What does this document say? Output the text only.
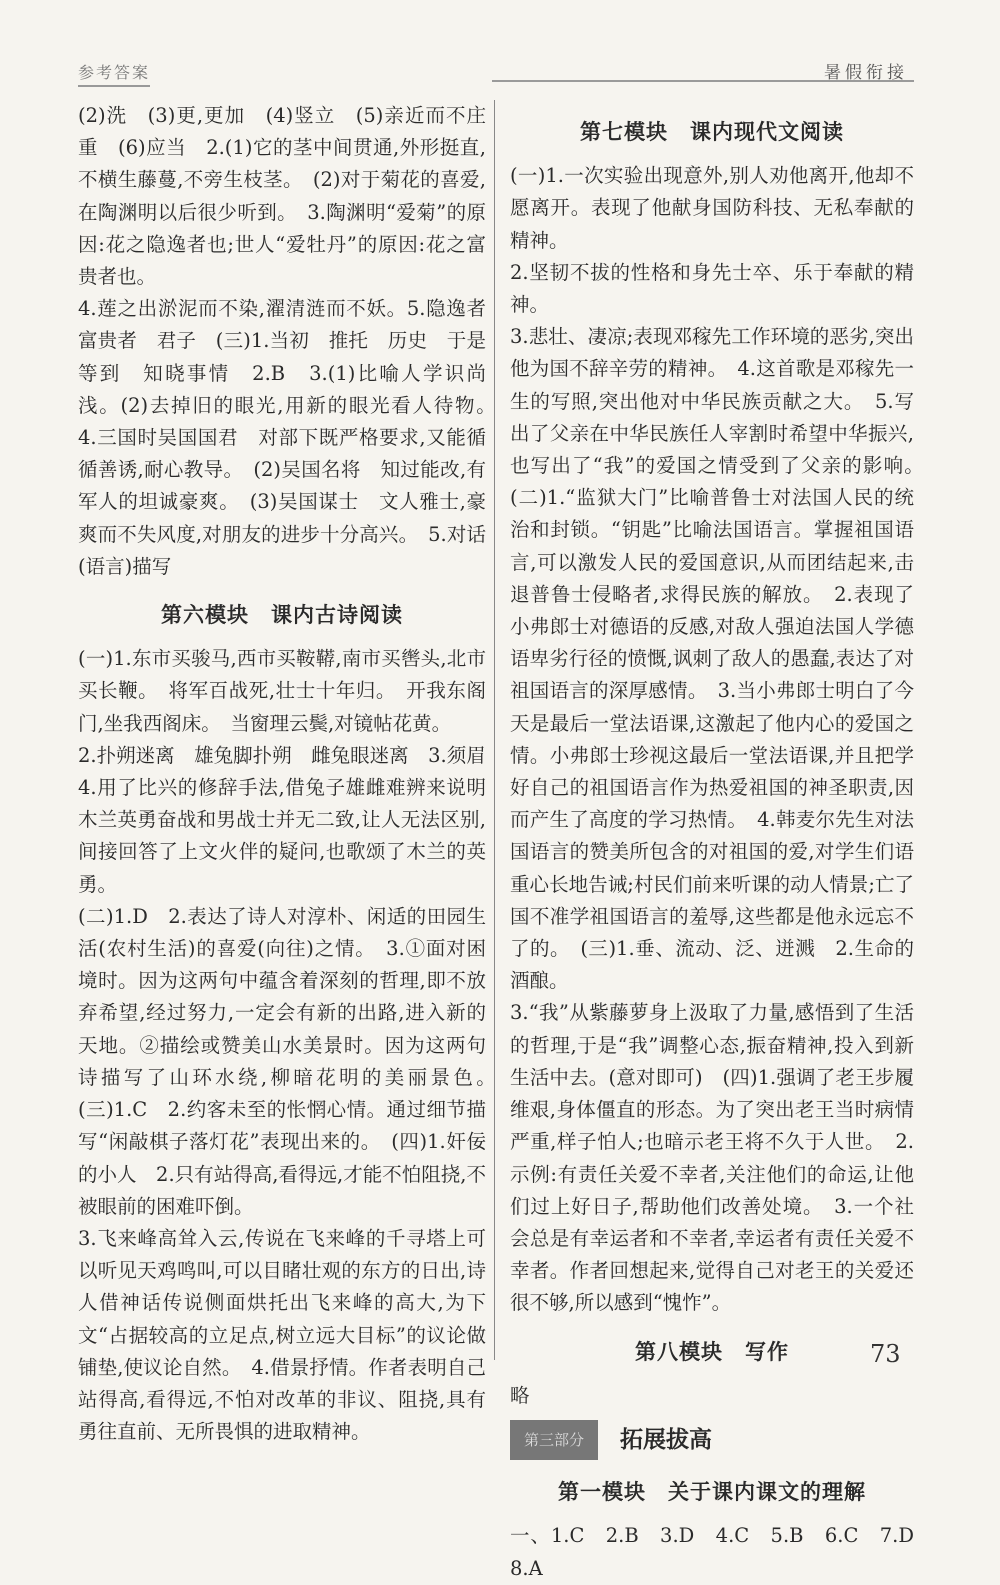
参考答案	暑假衔接

(2)洗　(3)更,更加　(4)竖立　(5)亲近而不庄重　(6)应当　2.(1)它的茎中间贯通,外形挺直,不横生藤蔓,不旁生枝茎。　(2)对于菊花的喜爱,在陶渊明以后很少听到。　3.陶渊明“爱菊”的原因:花之隐逸者也;世人“爱牡丹”的原因:花之富贵者也。

4.莲之出淤泥而不染,濯清涟而不妖。5.隐逸者　富贵者　君子　(三)1.当初　推托　历史　于是　等到　知晓事情　2.B　3.(1)比喻人学识尚浅。(2)去掉旧的眼光,用新的眼光看人待物。　4.三国时吴国国君　对部下既严格要求,又能循循善诱,耐心教导。　(2)吴国名将　知过能改,有军人的坦诚豪爽。　(3)吴国谋士　文人雅士,豪爽而不失风度,对朋友的进步十分高兴。　5.对话(语言)描写

第六模块　课内古诗阅读

(一)1.东市买骏马,西市买鞍鞯,南市买辔头,北市买长鞭。　将军百战死,壮士十年归。　开我东阁门,坐我西阁床。　当窗理云鬓,对镜帖花黄。

2.扑朔迷离　雄兔脚扑朔　雌兔眼迷离　3.须眉

4.用了比兴的修辞手法,借兔子雄雌难辨来说明木兰英勇奋战和男战士并无二致,让人无法区别,间接回答了上文火伴的疑问,也歌颂了木兰的英勇。

(二)1.D　2.表达了诗人对淳朴、闲适的田园生活(农村生活)的喜爱(向往)之情。　3.①面对困境时。因为这两句中蕴含着深刻的哲理,即不放弃希望,经过努力,一定会有新的出路,进入新的天地。②描绘或赞美山水美景时。因为这两句诗描写了山环水绕,柳暗花明的美丽景色。　(三)1.C　2.约客未至的怅惘心情。通过细节描写“闲敲棋子落灯花”表现出来的。　(四)1.奸佞的小人　2.只有站得高,看得远,才能不怕阻挠,不被眼前的困难吓倒。

3.飞来峰高耸入云,传说在飞来峰的千寻塔上可以听见天鸡鸣叫,可以目睹壮观的东方的日出,诗人借神话传说侧面烘托出飞来峰的高大,为下文“占据较高的立足点,树立远大目标”的议论做铺垫,使议论自然。　4.借景抒情。作者表明自己站得高,看得远,不怕对改革的非议、阻挠,具有勇往直前、无所畏惧的进取精神。

第七模块　课内现代文阅读

(一)1.一次实验出现意外,别人劝他离开,他却不愿离开。表现了他献身国防科技、无私奉献的精神。

2.坚韧不拔的性格和身先士卒、乐于奉献的精神。

3.悲壮、凄凉;表现邓稼先工作环境的恶劣,突出他为国不辞辛劳的精神。　4.这首歌是邓稼先一生的写照,突出他对中华民族贡献之大。　5.写出了父亲在中华民族任人宰割时希望中华振兴,也写出了“我”的爱国之情受到了父亲的影响。　(二)1.“监狱大门”比喻普鲁士对法国人民的统治和封锁。“钥匙”比喻法国语言。掌握祖国语言,可以激发人民的爱国意识,从而团结起来,击退普鲁士侵略者,求得民族的解放。　2.表现了小弗郎士对德语的反感,对敌人强迫法国人学德语卑劣行径的愤慨,讽刺了敌人的愚蠢,表达了对祖国语言的深厚感情。　3.当小弗郎士明白了今天是最后一堂法语课,这激起了他内心的爱国之情。小弗郎士珍视这最后一堂法语课,并且把学好自己的祖国语言作为热爱祖国的神圣职责,因而产生了高度的学习热情。　4.韩麦尔先生对法国语言的赞美所包含的对祖国的爱,对学生们语重心长地告诫;村民们前来听课的动人情景;亡了国不准学祖国语言的羞辱,这些都是他永远忘不了的。　(三)1.垂、流动、泛、迸溅　2.生命的酒酿。

3.“我”从紫藤萝身上汲取了力量,感悟到了生活的哲理,于是“我”调整心态,振奋精神,投入到新生活中去。(意对即可)　(四)1.强调了老王步履维艰,身体僵直的形态。为了突出老王当时病情严重,样子怕人;也暗示老王将不久于人世。　2.示例:有责任关爱不幸者,关注他们的命运,让他们过上好日子,帮助他们改善处境。　3.一个社会总是有幸运者和不幸者,幸运者有责任关爱不幸者。作者回想起来,觉得自己对老王的关爱还很不够,所以感到“愧怍”。

第八模块　写作

略

第三部分	拓展拔高
第一模块　关于课内课文的理解

一、1.C　2.B　3.D　4.C　5.B　6.C　7.D　8.A

73
